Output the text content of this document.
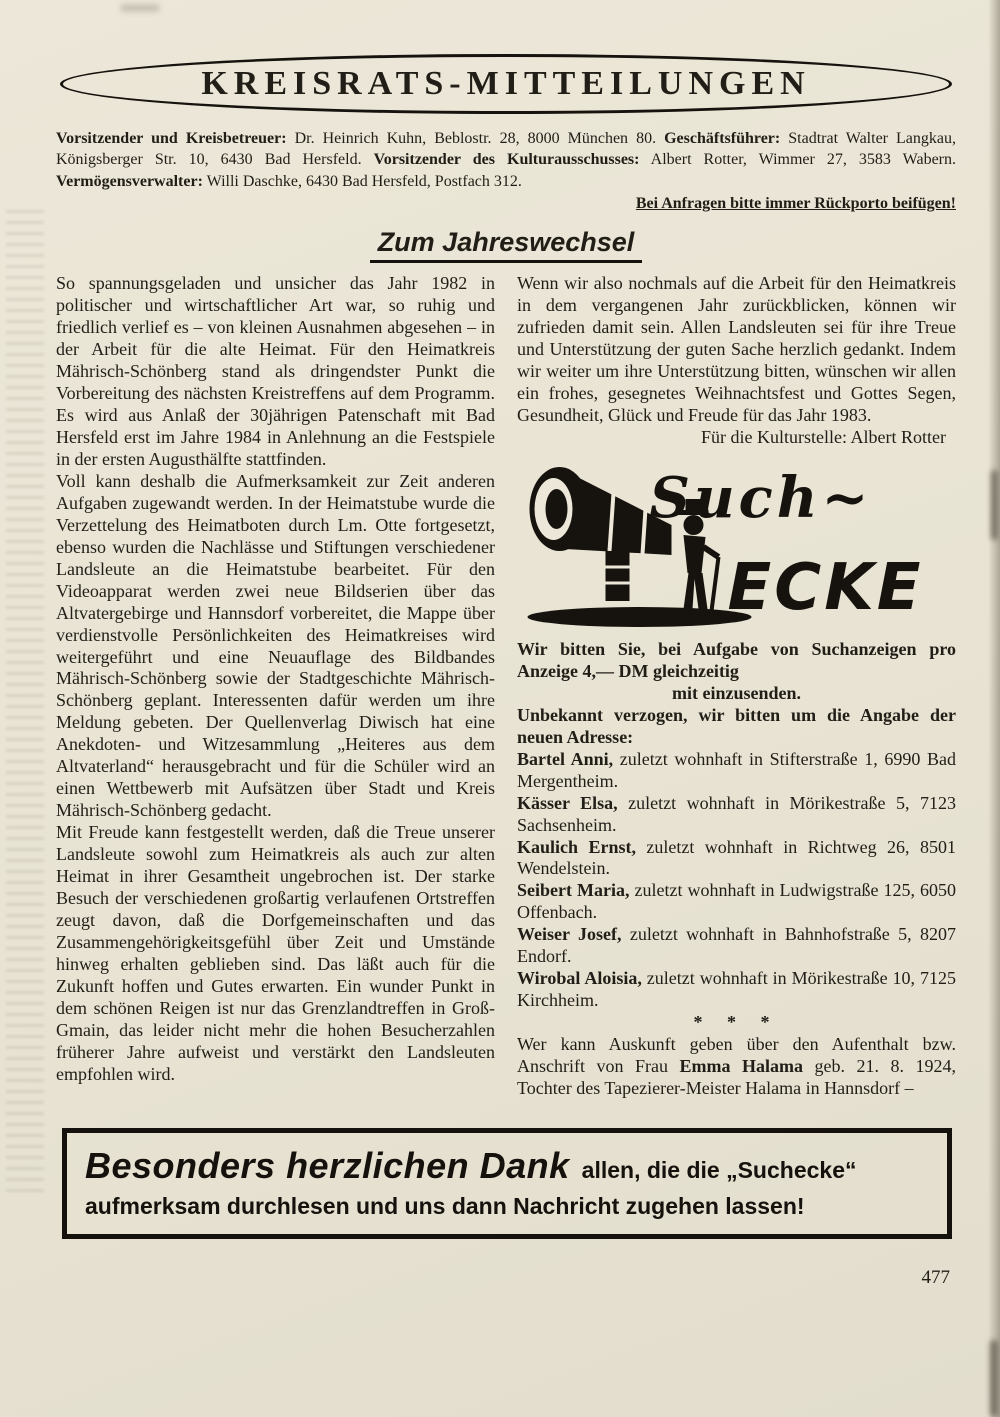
KREISRATS-MITTEILUNGEN

Vorsitzender und Kreisbetreuer: Dr. Heinrich Kuhn, Beblostr. 28, 8000 München 80. Geschäftsführer: Stadtrat Walter Langkau, Königsberger Str. 10, 6430 Bad Hersfeld. Vorsitzender des Kulturausschusses: Albert Rotter, Wimmer 27, 3583 Wabern. Vermögensverwalter: Willi Daschke, 6430 Bad Hersfeld, Postfach 312.

Bei Anfragen bitte immer Rückporto beifügen!

Zum Jahreswechsel

So spannungsgeladen und unsicher das Jahr 1982 in politischer und wirtschaftlicher Art war, so ruhig und friedlich verlief es – von kleinen Ausnahmen abgesehen – in der Arbeit für die alte Heimat. Für den Heimatkreis Mährisch-Schönberg stand als dringendster Punkt die Vorbereitung des nächsten Kreistreffens auf dem Programm. Es wird aus Anlaß der 30jährigen Patenschaft mit Bad Hersfeld erst im Jahre 1984 in Anlehnung an die Festspiele in der ersten Augusthälfte stattfinden.

Voll kann deshalb die Aufmerksamkeit zur Zeit anderen Aufgaben zugewandt werden. In der Heimatstube wurde die Verzettelung des Heimatboten durch Lm. Otte fortgesetzt, ebenso wurden die Nachlässe und Stiftungen verschiedener Landsleute an die Heimatstube bearbeitet. Für den Videoapparat werden zwei neue Bildserien über das Altvatergebirge und Hannsdorf vorbereitet, die Mappe über verdienstvolle Persönlichkeiten des Heimatkreises wird weitergeführt und eine Neuauflage des Bildbandes Mährisch-Schönberg sowie der Stadtgeschichte Mährisch-Schönberg geplant. Interessenten dafür werden um ihre Meldung gebeten. Der Quellenverlag Diwisch hat eine Anekdoten- und Witzesammlung „Heiteres aus dem Altvaterland“ herausgebracht und für die Schüler wird an einen Wettbewerb mit Aufsätzen über Stadt und Kreis Mährisch-Schönberg gedacht.

Mit Freude kann festgestellt werden, daß die Treue unserer Landsleute sowohl zum Heimatkreis als auch zur alten Heimat in ihrer Gesamtheit ungebrochen ist. Der starke Besuch der verschiedenen großartig verlaufenen Ortstreffen zeugt davon, daß die Dorfgemeinschaften und das Zusammengehörigkeitsgefühl über Zeit und Umstände hinweg erhalten geblieben sind. Das läßt auch für die Zukunft hoffen und Gutes erwarten. Ein wunder Punkt in dem schönen Reigen ist nur das Grenzlandtreffen in Groß-Gmain, das leider nicht mehr die hohen Besucherzahlen früherer Jahre aufweist und verstärkt den Landsleuten empfohlen wird.

Wenn wir also nochmals auf die Arbeit für den Heimatkreis in dem vergangenen Jahr zurückblicken, können wir zufrieden damit sein. Allen Landsleuten sei für ihre Treue und Unterstützung der guten Sache herzlich gedankt. Indem wir weiter um ihre Unterstützung bitten, wünschen wir allen ein frohes, gesegnetes Weihnachtsfest und Gottes Segen, Gesundheit, Glück und Freude für das Jahr 1983.

Für die Kulturstelle: Albert Rotter

Such~
ECKE

Wir bitten Sie, bei Aufgabe von Suchanzeigen pro Anzeige 4,— DM gleichzeitig

mit einzusenden.

Unbekannt verzogen, wir bitten um die Angabe der neuen Adresse:

Bartel Anni, zuletzt wohnhaft in Stifterstraße 1, 6990 Bad Mergentheim.

Kässer Elsa, zuletzt wohnhaft in Mörikestraße 5, 7123 Sachsenheim.

Kaulich Ernst, zuletzt wohnhaft in Richtweg 26, 8501 Wendelstein.

Seibert Maria, zuletzt wohnhaft in Ludwigstraße 125, 6050 Offenbach.

Weiser Josef, zuletzt wohnhaft in Bahnhofstraße 5, 8207 Endorf.

Wirobal Aloisia, zuletzt wohnhaft in Mörikestraße 10, 7125 Kirchheim.

* * *

Wer kann Auskunft geben über den Aufenthalt bzw. Anschrift von Frau Emma Halama geb. 21. 8. 1924, Tochter des Tapezierer-Meister Halama in Hannsdorf –

Besonders herzlichen Dank allen, die die „Suchecke“ aufmerksam durchlesen und uns dann Nachricht zugehen lassen!
477
